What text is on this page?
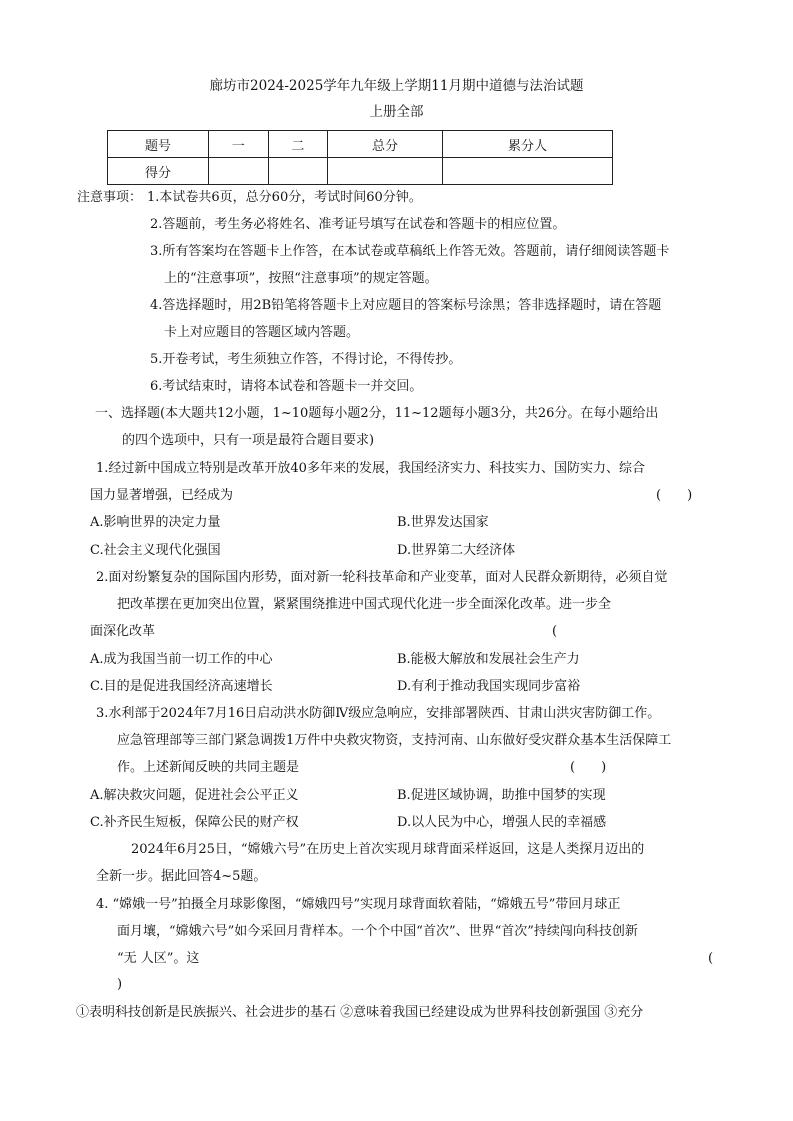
廊坊市2024-2025学年九年级上学期11月期中道德与法治试题
上册全部
题号	一	二	总分	累分人
得分				
注意事项： 1.本试卷共6页，总分60分，考试时间60分钟。
2.答题前，考生务必将姓名、准考证号填写在试卷和答题卡的相应位置。
3.所有答案均在答题卡上作答，在本试卷或草稿纸上作答无效。答题前，请仔细阅读答题卡
上的“注意事项”，按照“注意事项”的规定答题。
4.答选择题时，用2B铅笔将答题卡上对应题目的答案标号涂黑；答非选择题时，请在答题
卡上对应题目的答题区域内答题。
5.开卷考试，考生须独立作答，不得讨论，不得传抄。
6.考试结束时，请将本试卷和答题卡一并交回。
一、选择题(本大题共12小题，1~10题每小题2分，11~12题每小题3分，共26分。在每小题给出
的四个选项中，只有一项是最符合题目要求)
1.经过新中国成立特别是改革开放40多年来的发展，我国经济实力、科技实力、国防实力、综合
国力显著增强，已经成为	(　　)
A.影响世界的决定力量	B.世界发达国家
C.社会主义现代化强国	D.世界第二大经济体
2.面对纷繁复杂的国际国内形势，面对新一轮科技革命和产业变革，面对人民群众新期待，必须自觉
把改革摆在更加突出位置，紧紧围绕推进中国式现代化进一步全面深化改革。进一步全
面深化改革	(
A.成为我国当前一切工作的中心	B.能极大解放和发展社会生产力
C.目的是促进我国经济高速增长	D.有利于推动我国实现同步富裕
3.水利部于2024年7月16日启动洪水防御Ⅳ级应急响应，安排部署陕西、甘肃山洪灾害防御工作。
应急管理部等三部门紧急调拨1万件中央救灾物资，支持河南、山东做好受灾群众基本生活保障工
作。上述新闻反映的共同主题是	(　　)
A.解决救灾问题，促进社会公平正义	B.促进区域协调，助推中国梦的实现
C.补齐民生短板，保障公民的财产权	D.以人民为中心，增强人民的幸福感
2024年6月25日，“嫦娥六号”在历史上首次实现月球背面采样返回，这是人类探月迈出的
全新一步。据此回答4~5题。
4. “嫦娥一号”拍摄全月球影像图，“嫦娥四号”实现月球背面软着陆，“嫦娥五号”带回月球正
面月壤，“嫦娥六号”如今采回月背样本。一个个中国“首次”、世界“首次”持续闯向科技创新
“无 人区”。这	(
)
①表明科技创新是民族振兴、社会进步的基石 ②意味着我国已经建设成为世界科技创新强国 ③充分
